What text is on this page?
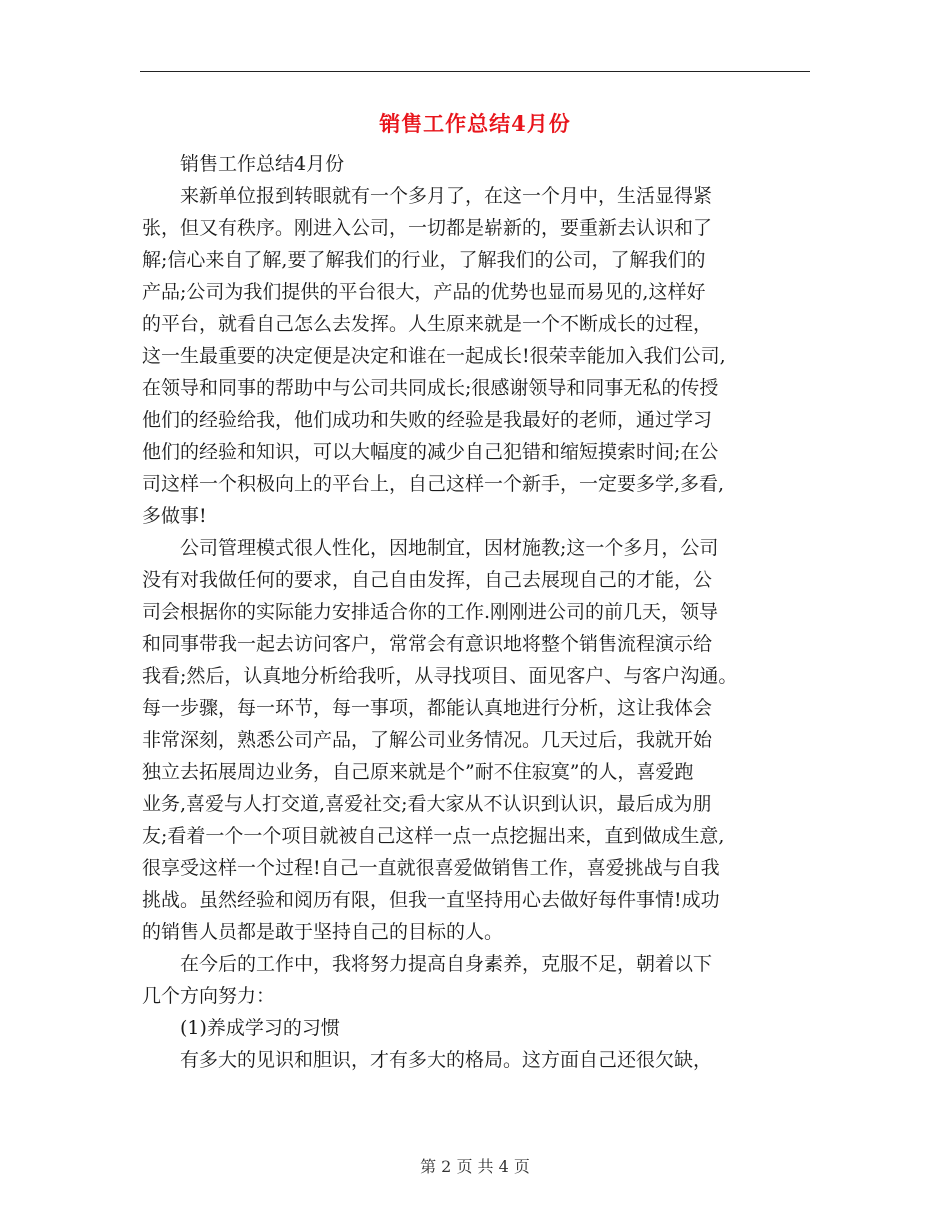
销售工作总结4月份
　　销售工作总结4月份
　　来新单位报到转眼就有一个多月了，在这一个月中，生活显得紧
张，但又有秩序。刚进入公司，一切都是崭新的，要重新去认识和了
解;信心来自了解,要了解我们的行业，了解我们的公司，了解我们的
产品;公司为我们提供的平台很大，产品的优势也显而易见的,这样好
的平台，就看自己怎么去发挥。人生原来就是一个不断成长的过程，
这一生最重要的决定便是决定和谁在一起成长!很荣幸能加入我们公司,
在领导和同事的帮助中与公司共同成长;很感谢领导和同事无私的传授
他们的经验给我，他们成功和失败的经验是我最好的老师，通过学习
他们的经验和知识，可以大幅度的减少自己犯错和缩短摸索时间;在公
司这样一个积极向上的平台上，自己这样一个新手，一定要多学,多看,
多做事!
　　公司管理模式很人性化，因地制宜，因材施教;这一个多月，公司
没有对我做任何的要求，自己自由发挥，自己去展现自己的才能，公
司会根据你的实际能力安排适合你的工作.刚刚进公司的前几天，领导
和同事带我一起去访问客户，常常会有意识地将整个销售流程演示给
我看;然后，认真地分析给我听，从寻找项目、面见客户、与客户沟通。
每一步骤，每一环节，每一事项，都能认真地进行分析，这让我体会
非常深刻，熟悉公司产品，了解公司业务情况。几天过后，我就开始
独立去拓展周边业务，自己原来就是个”耐不住寂寞”的人，喜爱跑
业务,喜爱与人打交道,喜爱社交;看大家从不认识到认识，最后成为朋
友;看着一个一个项目就被自己这样一点一点挖掘出来，直到做成生意,
很享受这样一个过程!自己一直就很喜爱做销售工作，喜爱挑战与自我
挑战。虽然经验和阅历有限，但我一直坚持用心去做好每件事情!成功
的销售人员都是敢于坚持自己的目标的人。
　　在今后的工作中，我将努力提高自身素养，克服不足，朝着以下
几个方向努力：
　　(1)养成学习的习惯
　　有多大的见识和胆识，才有多大的格局。这方面自己还很欠缺，
第 2 页 共 4 页
